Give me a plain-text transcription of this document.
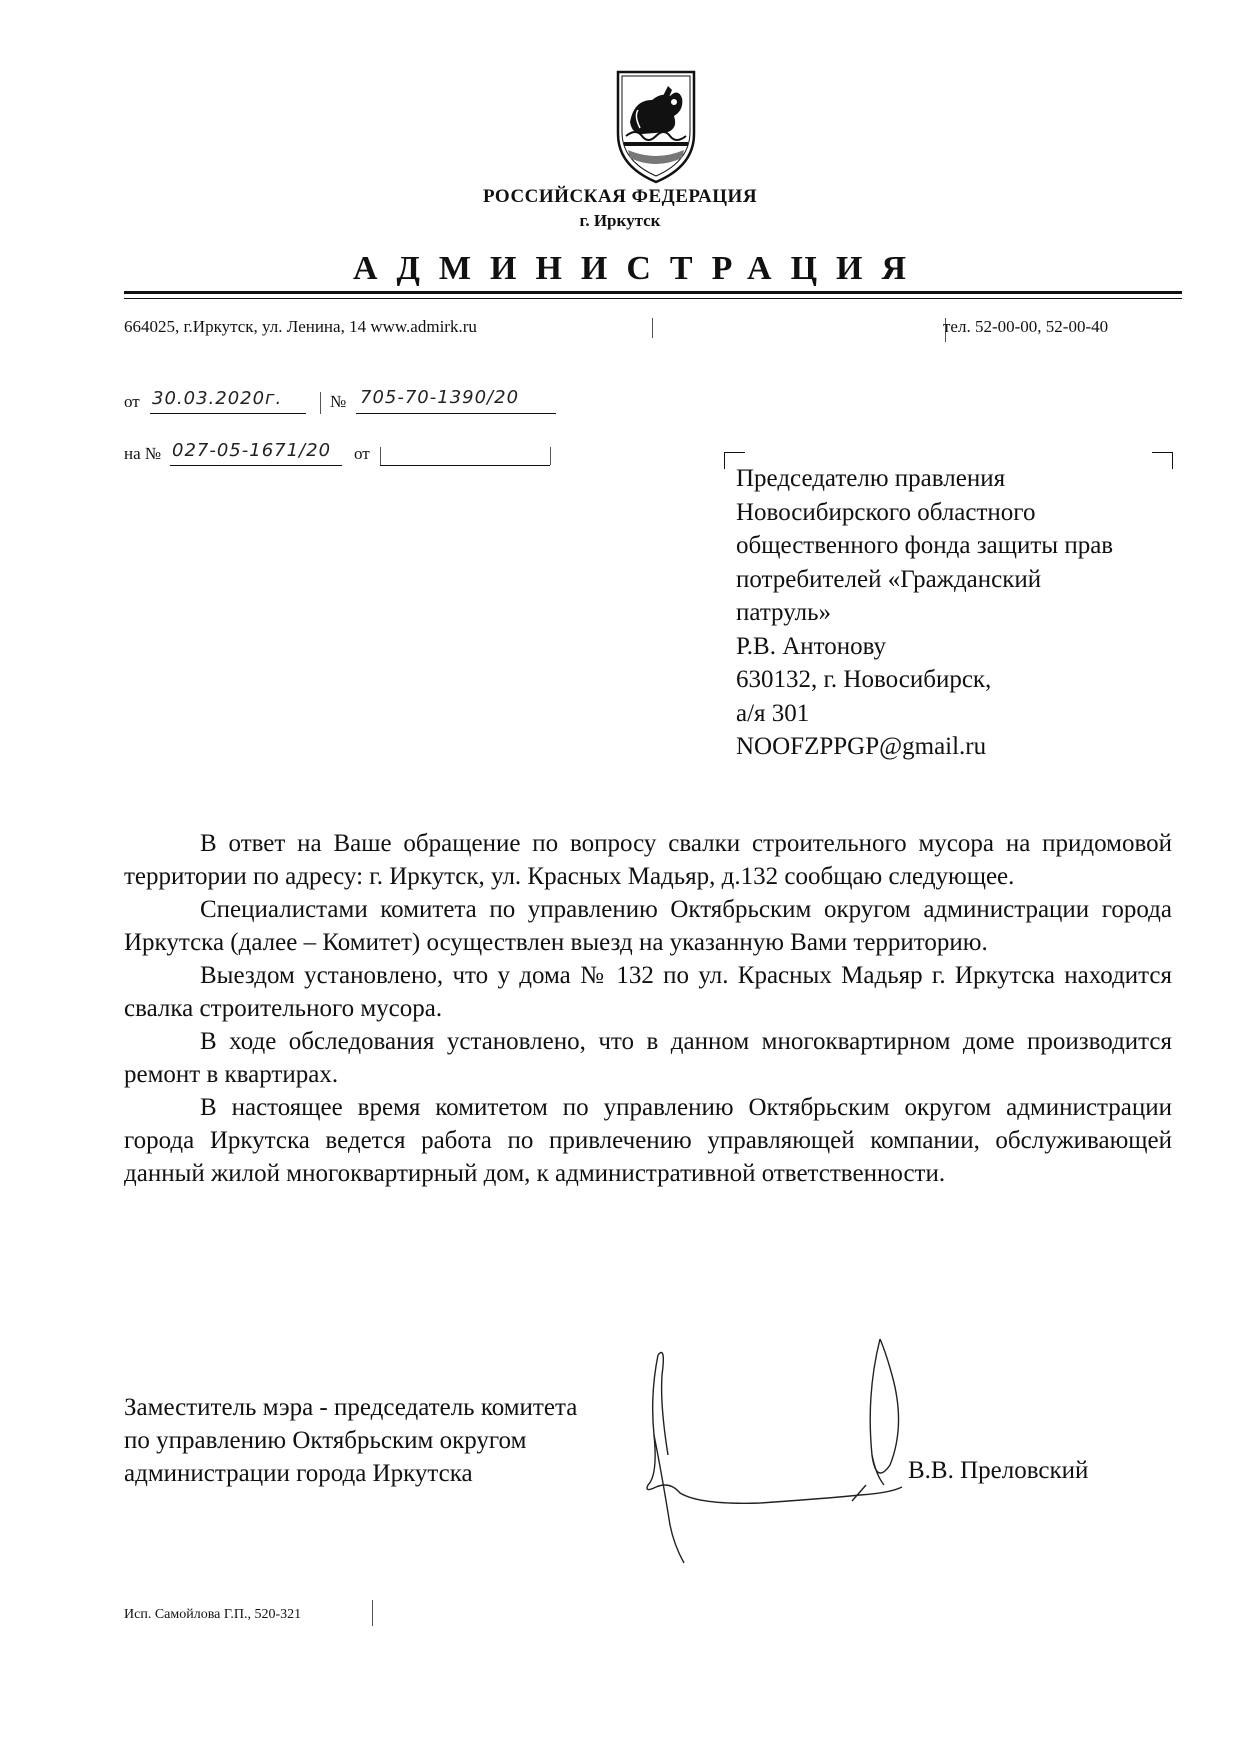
РОССИЙСКАЯ ФЕДЕРАЦИЯ
г. Иркутск
АДМИНИСТРАЦИЯ
664025, г.Иркутск, ул. Ленина, 14 www.admirk.ru	тел. 52-00-00, 52-00-40
от 30.03.2020г.	№ 705-70-1390/20
на № 027-05-1671/20 от
Председателю правления
Новосибирского областного
общественного фонда защиты прав
потребителей «Гражданский
патруль»
Р.В. Антонову
630132, г. Новосибирск,
а/я 301
NOOFZPPGP@gmail.ru

В ответ на Ваше обращение по вопросу свалки строительного мусора на придомовой территории по адресу: г. Иркутск, ул. Красных Мадьяр, д.132 сообщаю следующее.

Специалистами комитета по управлению Октябрьским округом администрации города Иркутска (далее – Комитет) осуществлен выезд на указанную Вами территорию.

Выездом установлено, что у дома № 132 по ул. Красных Мадьяр г. Иркутска находится свалка строительного мусора.

В ходе обследования установлено, что в данном многоквартирном доме производится ремонт в квартирах.

В настоящее время комитетом по управлению Октябрьским округом администрации города Иркутска ведется работа по привлечению управляющей компании, обслуживающей данный жилой многоквартирный дом, к административной ответственности.

Заместитель мэра - председатель комитета
по управлению Октябрьским округом
администрации города Иркутска	В.В. Преловский
Исп. Самойлова Г.П., 520-321
